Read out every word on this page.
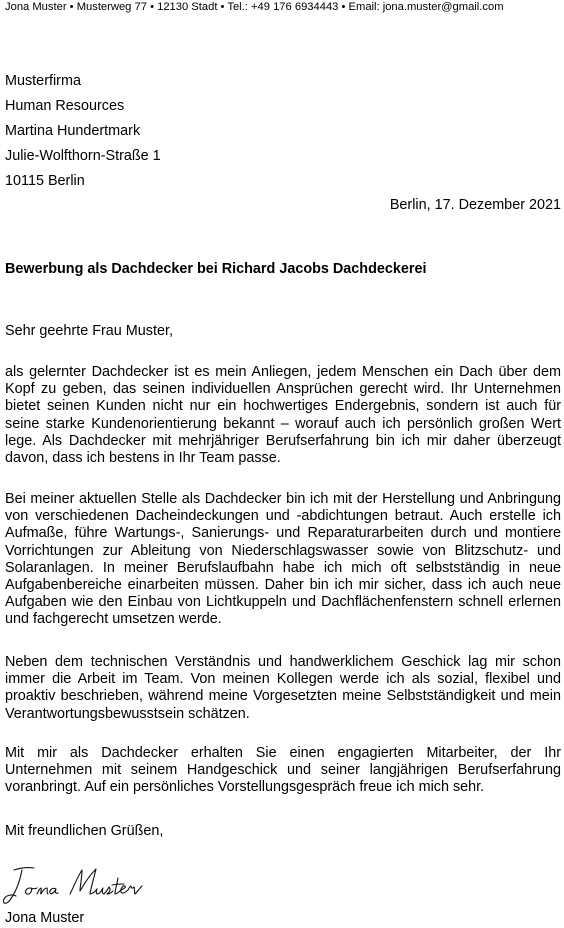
Jona Muster • Musterweg 77 • 12130 Stadt • Tel.: +49 176 6934443 • Email: jona.muster@gmail.com
Musterfirma
Human Resources
Martina Hundertmark
Julie-Wolfthorn-Straße 1
10115 Berlin
Berlin, 17. Dezember 2021
Bewerbung als Dachdecker bei Richard Jacobs Dachdeckerei
Sehr geehrte Frau Muster,
als gelernter Dachdecker ist es mein Anliegen, jedem Menschen ein Dach über dem Kopf zu geben, das seinen individuellen Ansprüchen gerecht wird. Ihr Unternehmen bietet seinen Kunden nicht nur ein hochwertiges Endergebnis, sondern ist auch für seine starke Kundenorientierung bekannt – worauf auch ich persönlich großen Wert lege. Als Dachdecker mit mehrjähriger Berufserfahrung bin ich mir daher überzeugt davon, dass ich bestens in Ihr Team passe.
Bei meiner aktuellen Stelle als Dachdecker bin ich mit der Herstellung und Anbringung von verschiedenen Dacheindeckungen und -abdichtungen betraut. Auch erstelle ich Aufmaße, führe Wartungs-, Sanierungs- und Reparaturarbeiten durch und montiere Vorrichtungen zur Ableitung von Niederschlagswasser sowie von Blitzschutz- und Solaranlagen. In meiner Berufslaufbahn habe ich mich oft selbstständig in neue Aufgabenbereiche einarbeiten müssen. Daher bin ich mir sicher, dass ich auch neue Aufgaben wie den Einbau von Lichtkuppeln und Dachflächenfenstern schnell erlernen und fachgerecht umsetzen werde.
Neben dem technischen Verständnis und handwerklichem Geschick lag mir schon immer die Arbeit im Team. Von meinen Kollegen werde ich als sozial, flexibel und proaktiv beschrieben, während meine Vorgesetzten meine Selbstständigkeit und mein Verantwortungsbewusstsein schätzen.
Mit mir als Dachdecker erhalten Sie einen engagierten Mitarbeiter, der Ihr Unternehmen mit seinem Handgeschick und seiner langjährigen Berufserfahrung voranbringt. Auf ein persönliches Vorstellungsgespräch freue ich mich sehr.
Mit freundlichen Grüßen,
Jona Muster
